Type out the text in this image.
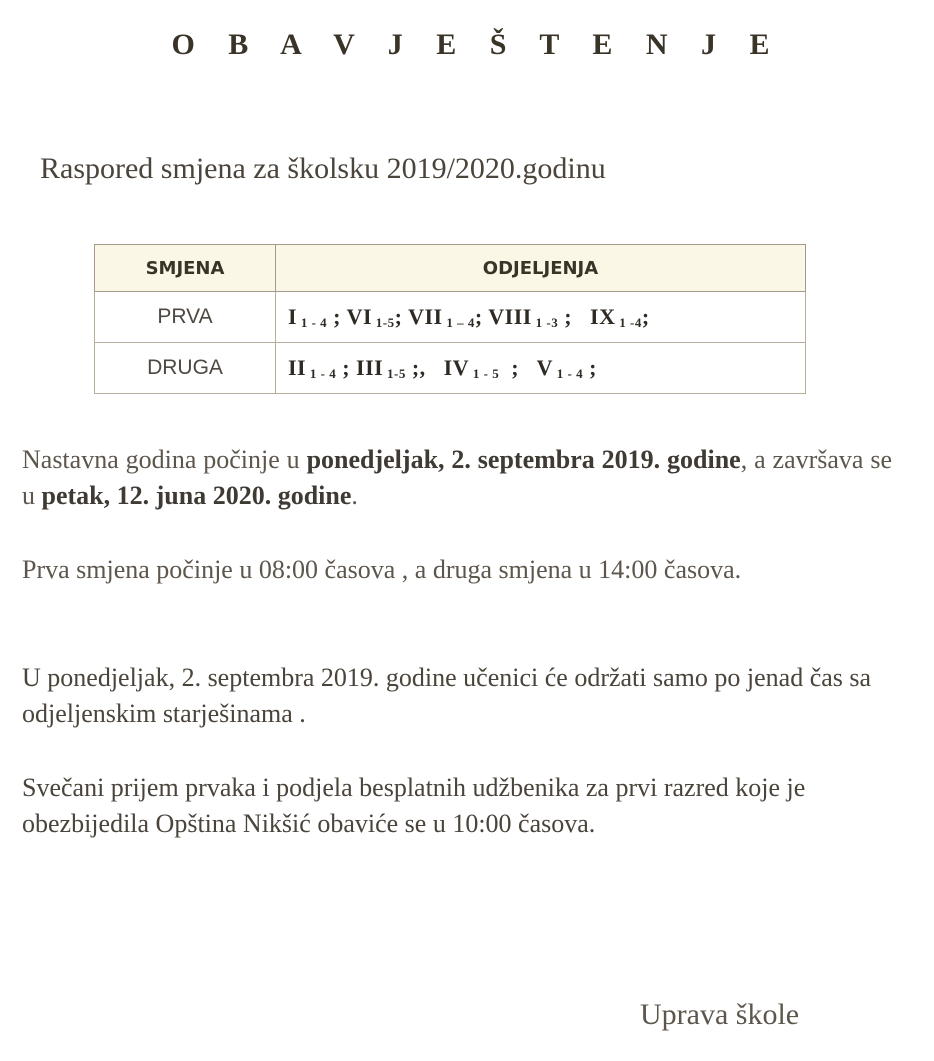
O B A V J E Š T E N J E
Raspored smjena za školsku 2019/2020.godinu
SMJENA	ODJELJENJA
PRVA	I $_{1 - 4}$ ; VI $_{1-5}$; VII $_{1 - 4}$; VIII $_{1 -3}$ ;   IX $_{1 -4}$;
DRUGA	II $_{1 - 4}$ ; III $_{1-5}$ ;,   IV $_{1 - 5}$  ;   V $_{1 - 4}$ ;
Nastavna godina počinje u ponedjeljak, 2. septembra 2019. godine, a završava se u petak, 12. juna 2020. godine.
Prva smjena počinje u 08:00 časova , a druga smjena u 14:00 časova.
U ponedjeljak, 2. septembra 2019. godine učenici će održati samo po jenad čas sa odjeljenskim starješinama .
Svečani prijem prvaka i podjela besplatnih udžbenika za prvi razred koje je obezbijedila Opština Nikšić obaviće se u 10:00 časova.
Uprava škole
